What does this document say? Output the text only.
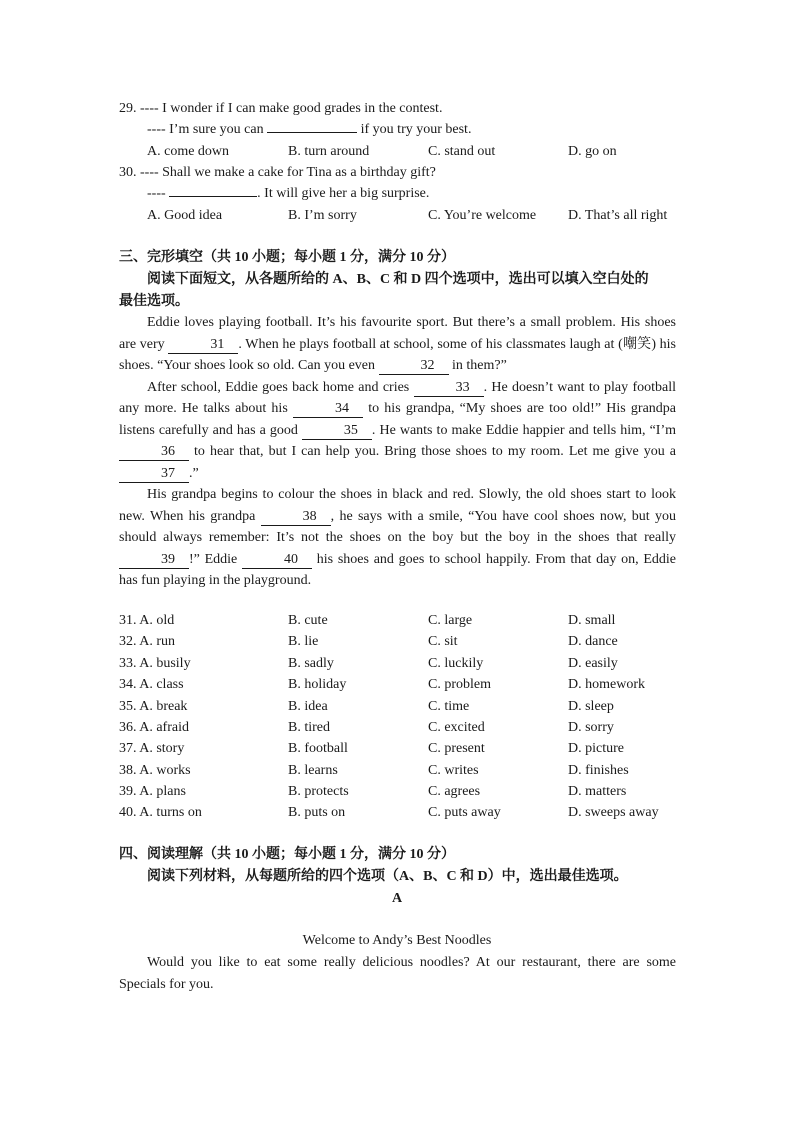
29. ---- I wonder if I can make good grades in the contest.
---- I’m sure you can	if you try your best.
A. come down	B. turn around	C. stand out	D. go on
30. ---- Shall we make a cake for Tina as a birthday gift?
----	. It will give her a big surprise.
A. Good idea	B. I’m sorry	C. You’re welcome D. That’s all right
三、完形填空（共 10 小题；每小题 1 分，满分 10 分）
阅读下面短文，从各题所给的 A、B、C 和 D 四个选项中，选出可以填入空白处的
最佳选项。

Eddie loves playing football. It’s his favourite sport. But there’s a small problem. His shoes are very	31 . When he plays football at school, some of his classmates laugh at (嘲笑) his shoes. “Your shoes look so old. Can you even	32     in them?”

After school, Eddie goes back home and cries	33 . He doesn’t want to play football any more. He talks about his	34     to his grandpa, “My shoes are too old!” His grandpa listens carefully and has a good	35 . He wants to make Eddie happier and tells him, “I’m     36     to hear that, but I can help you. Bring those shoes to my room. Let me give you a     37 .”

His grandpa begins to colour the shoes in black and red. Slowly, the old shoes start to look new. When his grandpa	38 , he says with a smile, “You have cool shoes now, but you should always remember: It’s not the shoes on the boy but the boy in the shoes that really     39 !” Eddie	40     his shoes and goes to school happily. From that day on, Eddie has fun playing in the playground.

31. A. old	B. cute	C. large	D. small
32. A. run	B. lie	C. sit	D. dance
33. A. busily	B. sadly	C. luckily	D. easily
34. A. class	B. holiday	C. problem	D. homework
35. A. break	B. idea	C. time	D. sleep
36. A. afraid	B. tired	C. excited	D. sorry
37. A. story	B. football	C. present	D. picture
38. A. works	B. learns	C. writes	D. finishes
39. A. plans	B. protects	C. agrees	D. matters
40. A. turns on	B. puts on	C. puts away	D. sweeps away
四、阅读理解（共 10 小题；每小题 1 分，满分 10 分）
阅读下列材料，从每题所给的四个选项（A、B、C 和 D）中，选出最佳选项。
A
Welcome to Andy’s Best Noodles

Would you like to eat some really delicious noodles? At our restaurant, there are some Specials for you.
